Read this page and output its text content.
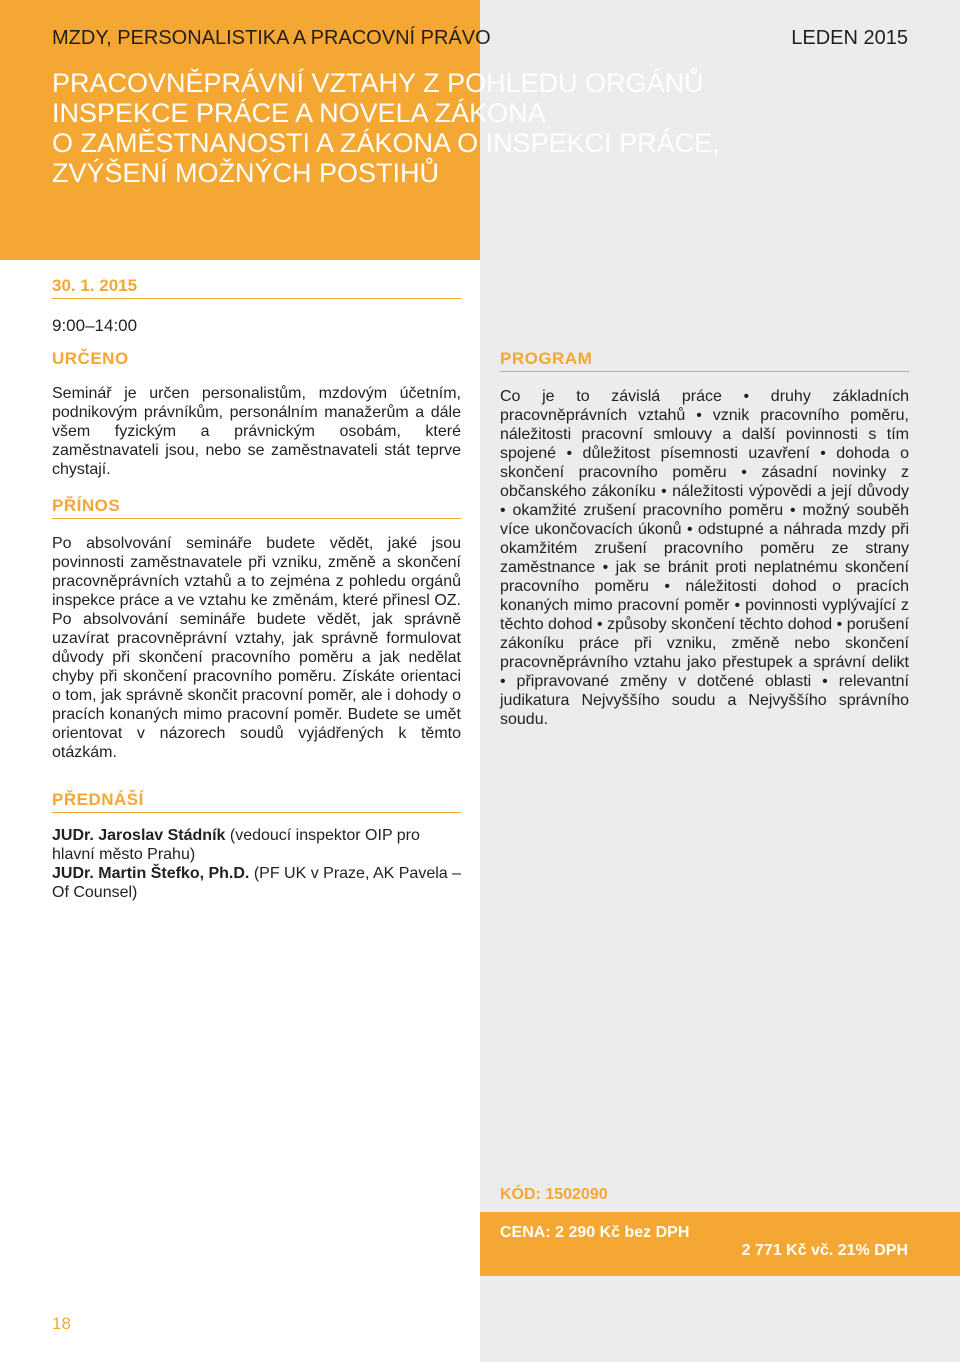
MZDY, PERSONALISTIKA A PRACOVNÍ PRÁVO	LEDEN 2015
PRACOVNĚPRÁVNÍ VZTAHY Z POHLEDU ORGÁNŮ
INSPEKCE PRÁCE A NOVELA ZÁKONA
O ZAMĚSTNANOSTI A ZÁKONA O INSPEKCI PRÁCE,
ZVÝŠENÍ MOŽNÝCH POSTIHŮ
30. 1. 2015
9:00–14:00
URČENO

Seminář je určen personalistům, mzdovým účetním, podnikovým právníkům, personálním manažerům a dále všem fyzickým a právnickým osobám, které zaměstnavateli jsou, nebo se zaměstnavateli stát teprve chystají.

PŘÍNOS

Po absolvování semináře budete vědět, jaké jsou povinnosti zaměstnavatele při vzniku, změně a skončení pracovněprávních vztahů a to zejména z pohledu orgánů inspekce práce a ve vztahu ke změnám, které přinesl OZ. Po absolvování semináře budete vědět, jak správně uzavírat pracovněprávní vztahy, jak správně formulovat důvody při skončení pracovního poměru a jak nedělat chyby při skončení pracovního poměru. Získáte orientaci o tom, jak správně skončit pracovní poměr, ale i dohody o pracích konaných mimo pracovní poměr. Budete se umět orientovat v názorech soudů vyjádřených k těmto otázkám.

PŘEDNÁŠÍ
JUDr. Jaroslav Stádník (vedoucí inspektor OIP pro hlavní město Prahu)
JUDr. Martin Štefko, Ph.D. (PF UK v Praze, AK Pavela – Of Counsel)
PROGRAM

Co je to závislá práce • druhy základních pracovněprávních vztahů • vznik pracovního poměru, náležitosti pracovní smlouvy a další povinnosti s tím spojené • důležitost písemnosti uzavření • dohoda o skončení pracovního poměru • zásadní novinky z občanského zákoníku • náležitosti výpovědi a její důvody • okamžité zrušení pracovního poměru • možný souběh více ukončovacích úkonů • odstupné a náhrada mzdy při okamžitém zrušení pracovního poměru ze strany zaměstnance • jak se bránit proti neplatnému skončení pracovního poměru • náležitosti dohod o pracích konaných mimo pracovní poměr • povinnosti vyplývající z těchto dohod • způsoby skončení těchto dohod • porušení zákoníku práce při vzniku, změně nebo skončení pracovněprávního vztahu jako přestupek a správní delikt • připravované změny v dotčené oblasti • relevantní judikatura Nejvyššího soudu a Nejvyššího správního soudu.

KÓD: 1502090
CENA: 2 290 Kč bez DPH
2 771 Kč vč. 21% DPH
18
